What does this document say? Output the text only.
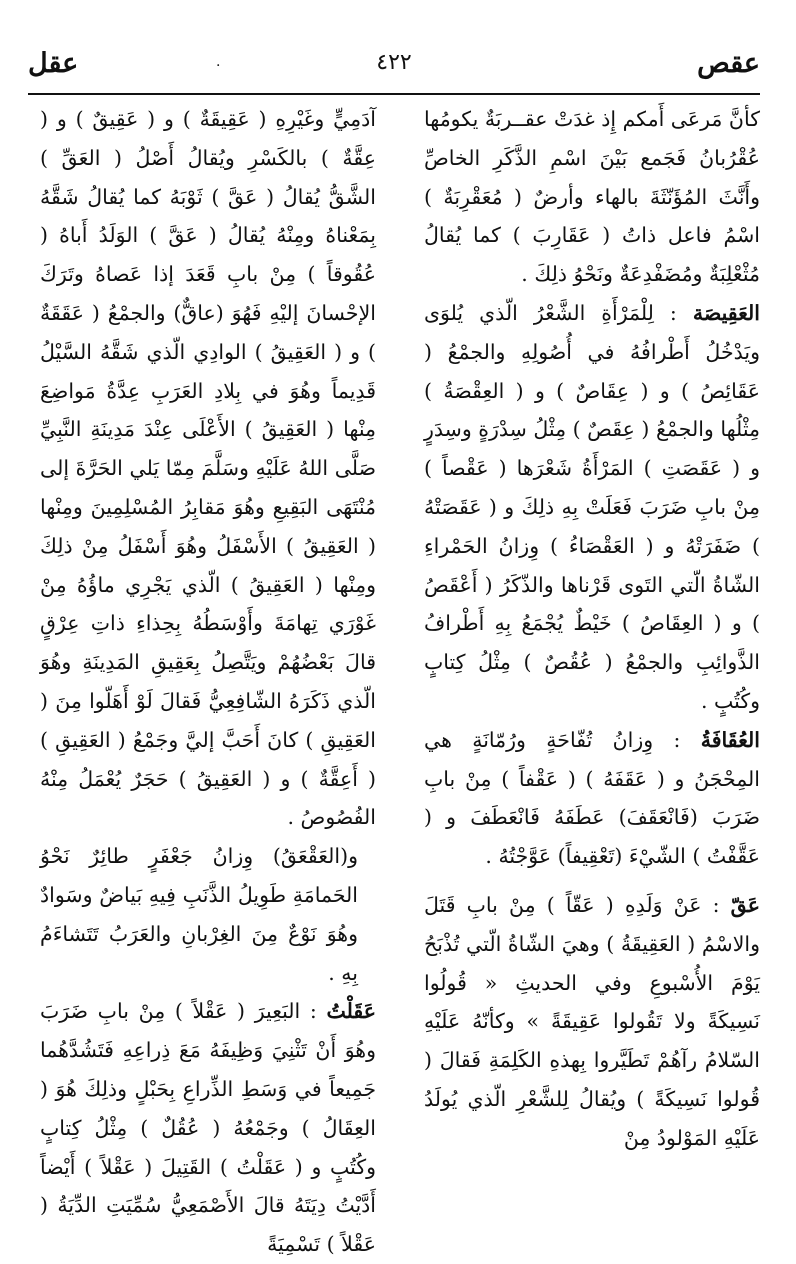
عقص
٤٢٢
·
عقل

كأنَّ مَرعَى أَمكم إِذ غدَتْ عقــربَةٌ يكومُها عُقْرُبانُ فَجَمع بَيْنَ اسْمِ الذَّكَرِ الخاصِّ وأَنَّثَ المُؤَنّثَةَ بالهاء وأرضٌ ( مُعَقْرِبَةٌ ) اسْمُ فاعل ذاتُ ( عَقَارِبَ ) كما يُقالُ مُثْعْلِبَةٌ ومُضَفْدِعَةٌ ونَحْوُ ذلِكَ .

العَقِيصَة : لِلْمَرْأَةِ الشَّعْرُ الّذي يُلوَى ويَدْخُلُ أَطْرافُهُ في أُصُولِهِ والجمْعُ ( عَقَائِصُ ) و ( عِقَاصٌ ) و ( العِقْصَةُ ) مِثْلُها والجمْعُ ( عِقَصٌ ) مِثْلُ سِدْرَةٍ وسِدَرٍ و ( عَقَصَتِ ) المَرْأَةُ شَعْرَها ( عَقْصاً ) مِنْ بابِ ضَرَبَ فَعَلَتْ بِهِ ذلِكَ و ( عَقَصَتْهُ ) ضَفَرَتْهُ و ( العَقْصَاءُ ) وِزانُ الحَمْراءِ الشّاةُ الّتي التَوى قَرْناها والذّكَرُ ( أَعْقَصُ ) و ( العِقَاصُ ) خَيْطٌ يُجْمَعُ بِهِ أَطْرافُ الذَّوائِبِ والجمْعُ ( عُقُصٌ ) مِثْلُ كِتابٍ وكُتُبٍ .

العُقَافَةُ : وِزانُ تُفّاحَةٍ ورُمّانَةٍ هي المِحْجَنُ و ( عَقَفَهُ ) ( عَقْفاً ) مِنْ بابِ ضَرَبَ (فَانْعَقَفَ) عَطَفَهُ فَانْعَطَفَ و ( عَقَّفْتُ ) الشّيْءَ (تَعْقِيفاً) عَوَّجْتُهُ .

عَقّ : عَنْ وَلَدِهِ ( عَقّاً ) مِنْ بابِ قَتَلَ والاسْمُ ( العَقِيقَةُ ) وهيَ الشّاةُ الّتي تُذْبَحُ يَوْمَ الأُسْبوعِ وفي الحديثِ « قُولُوا نَسِيكَةً ولا تَقُولوا عَقِيقَةً » وكأنّهُ عَلَيْهِ السّلامُ رآهُمْ تَطَيَّروا بِهذهِ الكَلِمَةِ فَقالَ ( قُولوا نَسِيكَةً ) ويُقالُ لِلشَّعْرِ الّذي يُولَدُ عَلَيْهِ المَوْلودُ مِنْ

آدَمِيٍّ وغَيْرِهِ ( عَقِيقَةٌ ) و ( عَقِيقٌ ) و ( عِقَّةٌ ) بالكَسْرِ ويُقالُ أَصْلُ ( العَقِّ ) الشَّقُّ يُقالُ ( عَقَّ ) ثَوْبَهُ كما يُقالُ شَقَّهُ بِمَعْناهُ ومِنْهُ يُقالُ ( عَقَّ ) الوَلَدُ أَباهُ ( عُقُوقاً ) مِنْ بابِ قَعَدَ إذا عَصاهُ وتَرَكَ الإحْسانَ إليْهِ فَهُوَ (عاقٌّ) والجمْعُ ( عَقَقَةٌ ) و ( العَقِيقُ ) الوادِي الّذي شَقَّهُ السَّيْلُ قَدِيماً وهُوَ في بِلادِ العَرَبِ عِدَّةُ مَواضِعَ مِنْها ( العَقِيقُ ) الأَعْلَى عِنْدَ مَدِينَةِ النَّبِيِّ صَلَّى اللهُ عَلَيْهِ وسَلَّمَ مِمّا يَلي الحَرَّةَ إلى مُنْتَهَى البَقِيعِ وهُوَ مَقابِرُ المُسْلِمِينَ ومِنْها ( العَقِيقُ ) الأَسْفَلُ وهُوَ أَسْفَلُ مِنْ ذلِكَ ومِنْها ( العَقِيقُ ) الّذي يَجْرِي ماؤُهُ مِنْ غَوْرَي تِهامَةَ وأَوْسَطُهُ بِحِذاءِ ذاتِ عِرْقٍ قالَ بَعْضُهُمْ ويَتَّصِلُ بِعَقِيقِ المَدِينَةِ وهُوَ الّذي ذَكَرَهُ الشّافِعِيُّ فَقالَ لَوْ أَهَلّوا مِنَ ( العَقِيقِ ) كانَ أَحَبَّ إليَّ وجَمْعُ ( العَقِيقِ ) ( أَعِقَّةٌ ) و ( العَقِيقُ ) حَجَرٌ يُعْمَلُ مِنْهُ الفُصُوصُ .

و(العَقْعَقُ) وِزانُ جَعْفَرٍ طائِرٌ نَحْوُ الحَمامَةِ طَوِيلُ الذَّنَبِ فِيهِ بَياضٌ وسَوادٌ وهُوَ نَوْعٌ مِنَ الغِرْبانِ والعَرَبُ تَتَشاءَمُ بِهِ .

عَقَلْتُ : البَعِيرَ ( عَقْلاً ) مِنْ بابِ ضَرَبَ وهُوَ أَنْ تَثْنِيَ وَظِيفَهُ مَعَ ذِراعِهِ فَتَشُدَّهُما جَمِيعاً في وَسَطِ الذِّراعِ بِحَبْلٍ وذلِكَ هُوَ ( العِقَالُ ) وجَمْعُهُ ( عُقُلٌ ) مِثْلُ كِتابٍ وكُتُبٍ و ( عَقَلْتُ ) القَتِيلَ ( عَقْلاً ) أَيْضاً أَدَّيْتُ دِيَتَهُ قالَ الأَصْمَعِيُّ سُمِّيَتِ الدِّيَةُ ( عَقْلاً ) تَسْمِيَةً
